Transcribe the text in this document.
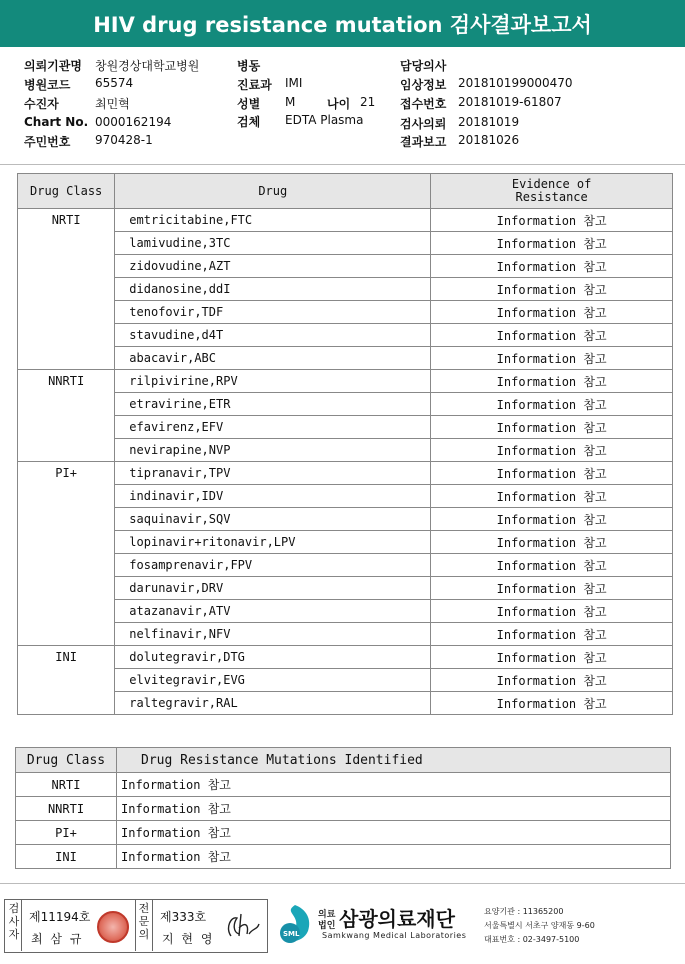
HIV drug resistance mutation 검사결과보고서
의뢰기관명 창원경상대학교병원
병원코드 65574
수진자	최민혁
Chart No. 0000162194
주민번호 970428-1
병동
진료과 IMI
성별 M	나이 21
검체 EDTA Plasma
담당의사
임상정보 201810199000470
접수번호 20181019-61807
검사의뢰 20181019
결과보고 20181026
Drug Class	Drug	Evidence of
Resistance

NRTI	emtricitabine,FTC	Information 참고
	lamivudine,3TC	Information 참고
	zidovudine,AZT	Information 참고
	didanosine,ddI	Information 참고
	tenofovir,TDF	Information 참고
	stavudine,d4T	Information 참고
	abacavir,ABC	Information 참고
NNRTI	rilpivirine,RPV	Information 참고
	etravirine,ETR	Information 참고
	efavirenz,EFV	Information 참고
	nevirapine,NVP	Information 참고
PI+	tipranavir,TPV	Information 참고
	indinavir,IDV	Information 참고
	saquinavir,SQV	Information 참고
	lopinavir+ritonavir,LPV	Information 참고
	fosamprenavir,FPV	Information 참고
	darunavir,DRV	Information 참고
	atazanavir,ATV	Information 참고
	nelfinavir,NFV	Information 참고
INI	dolutegravir,DTG	Information 참고
	elvitegravir,EVG	Information 참고
	raltegravir,RAL	Information 참고
Drug Class	Drug Resistance Mutations Identified
NRTI	Information 참고
NNRTI	Information 참고
PI+	Information 참고
INI	Information 참고
검사자
제11194호
최 삼 규
전문의
제333호
지 현 영	SML
의료
법인 삼광의료재단
Samkwang Medical Laboratories
요양기관 : 11365200
서울특별시 서초구 양재동 9-60
대표번호 : 02-3497-5100
